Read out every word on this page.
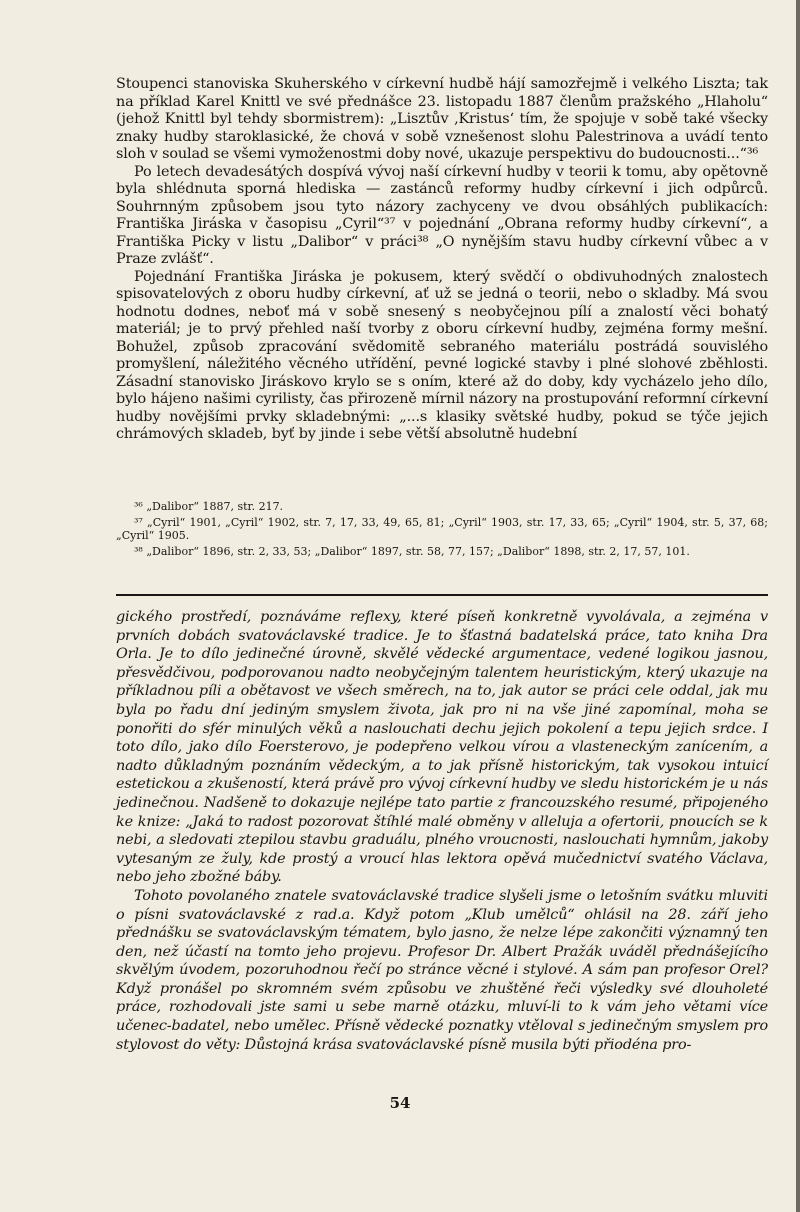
Stoupenci stanoviska Skuherského v církevní hudbě hájí samozřejmě i velkého Liszta; tak na příklad Karel Knittl ve své přednášce 23. listopadu 1887 členům pražského „Hlaholu“ (jehož Knittl byl tehdy sbormistrem): „Lisztův ‚Kristus‘ tím, že spojuje v sobě také všecky znaky hudby staroklasické, že chová v sobě vznešenost slohu Palestrinova a uvádí tento sloh v soulad se všemi vymoženostmi doby nové, ukazuje perspektivu do budoucnosti...“³⁶

Po letech devadesátých dospívá vývoj naší církevní hudby v teorii k tomu, aby opětovně byla shlédnuta sporná hlediska — zastánců reformy hudby církevní i jich odpůrců. Souhrnným způsobem jsou tyto názory zachyceny ve dvou obsáhlých publikacích: Františka Jiráska v časopisu „Cyril“³⁷ v pojednání „Obrana reformy hudby církevní“, a Františka Picky v listu „Dalibor“ v práci³⁸ „O nynějším stavu hudby církevní vůbec a v Praze zvlášť“.

Pojednání Františka Jiráska je pokusem, který svědčí o obdivuhodných znalostech spisovatelových z oboru hudby církevní, ať už se jedná o teorii, nebo o skladby. Má svou hodnotu dodnes, neboť má v sobě snesený s neobyčejnou pílí a znalostí věci bohatý materiál; je to prvý přehled naší tvorby z oboru církevní hudby, zejména formy mešní. Bohužel, způsob zpracování svědomitě sebraného materiálu postrádá souvislého promyšlení, náležitého věcného utřídění, pevné logické stavby i plné slohové zběhlosti. Zásadní stanovisko Jiráskovo krylo se s oním, které až do doby, kdy vycházelo jeho dílo, bylo hájeno našimi cyrilisty, čas přirozeně mírnil názory na prostupování reformní církevní hudby novějšími prvky skladebnými: „...s klasiky světské hudby, pokud se týče jejich chrámových skladeb, byť by jinde i sebe větší absolutně hudební

³⁶ „Dalibor“ 1887, str. 217.

³⁷ „Cyril“ 1901, „Cyril“ 1902, str. 7, 17, 33, 49, 65, 81; „Cyril“ 1903, str. 17, 33, 65; „Cyril“ 1904, str. 5, 37, 68; „Cyril“ 1905.

³⁸ „Dalibor“ 1896, str. 2, 33, 53; „Dalibor“ 1897, str. 58, 77, 157; „Dalibor“ 1898, str. 2, 17, 57, 101.

gického prostředí, poznáváme reflexy, které píseň konkretně vyvolávala, a zejména v prvních dobách svatováclavské tradice. Je to šťastná badatelská práce, tato kniha Dra Orla. Je to dílo jedinečné úrovně, skvělé vědecké argumentace, vedené logikou jasnou, přesvědčivou, podporovanou nadto neobyčejným talentem heuristickým, který ukazuje na příkladnou píli a obětavost ve všech směrech, na to, jak autor se práci cele oddal, jak mu byla po řadu dní jediným smyslem života, jak pro ni na vše jiné zapomínal, moha se ponořiti do sfér minulých věků a naslouchati dechu jejich pokolení a tepu jejich srdce. I toto dílo, jako dílo Foersterovo, je podepřeno velkou vírou a vlasteneckým zanícením, a nadto důkladným poznáním vědeckým, a to jak přísně historickým, tak vysokou intuicí estetickou a zkušeností, která právě pro vývoj církevní hudby ve sledu historickém je u nás jedinečnou. Nadšeně to dokazuje nejlépe tato partie z francouzského resumé, připojeného ke knize: „Jaká to radost pozorovat štíhlé malé obměny v alleluja a ofertorii, pnoucích se k nebi, a sledovati ztepilou stavbu graduálu, plného vroucnosti, naslouchati hymnům, jakoby vytesaným ze žuly, kde prostý a vroucí hlas lektora opěvá mučednictví svatého Václava, nebo jeho zbožné báby.

Tohoto povolaného znatele svatováclavské tradice slyšeli jsme o letošním svátku mluviti o písni svatováclavské z rad.a. Když potom „Klub umělců“ ohlásil na 28. září jeho přednášku se svatováclavským tématem, bylo jasno, že nelze lépe zakončiti významný ten den, než účastí na tomto jeho projevu. Profesor Dr. Albert Pražák uváděl přednášejícího skvělým úvodem, pozoruhodnou řečí po stránce věcné i stylové. A sám pan profesor Orel? Když pronášel po skromném svém způsobu ve zhuštěné řeči výsledky své dlouholeté práce, rozhodovali jste sami u sebe marně otázku, mluví-li to k vám jeho větami více učenec-badatel, nebo umělec. Přísně vědecké poznatky vtěloval s jedinečným smyslem pro stylovost do věty: Důstojná krása svatováclavské písně musila býti přiodéna pro-

54
